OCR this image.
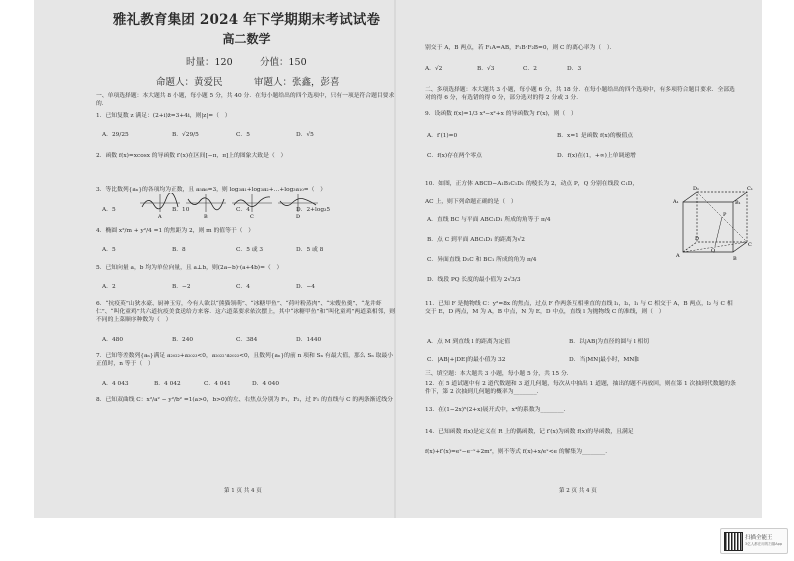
雅礼教育集团 2024 年下学期期末考试试卷
高二数学
时量：120	分值：150
命题人：黄爱民	审题人：张鑫，彭喜
一、单项选择题：本大题共 8 小题，每小题 5 分，共 40 分．在每小题给出的四个选项中，只有一项是符合题目要求的．
1．已知复数 z 满足：(2+i)z̄=3+4i，则|z|=（　）
A．29/25	B．√29/5	C．5	D．√5
2．函数 f(x)=xcosx 的导函数 f′(x)在区间[−π，π]上的图象大致是（　）
3．等比数列{aₙ}的各项均为正数，且 a₅a₆=3，则 log₃a₁+log₃a₂+…+log₃a₁₀=（　）
A．5	B．10	C．4	D．2+log₃5
4．椭圆 x²/m + y²/4 =1 的焦距为 2，则 m 的值等于（　）
A．5	B．8	C．5 或 3	D．5 或 8
5．已知向量 a，b 均为单位向量，且 a⊥b，则(2a−b)·(a+4b)=（　）
A．2	B．−2	C．4	D．−4
6．“抗疫英”山狄水豪、厨神玉穷，今有人欲以“熊猫领萌”、“冰糖甲鱼”、“荷叶粉蒸肉”、“宋嫂鱼羹”、“龙井虾仁”、“叫化童鸡”共六道抗疫美食送给方来客．这六道菜要求依次摆上，其中“冰糖甲鱼”和“叫化童鸡”两道菜相邻，则不同的上菜顺序种数为（　）
A．480	B．240	C．384	D．1440
7．已知等差数列{aₙ}满足 a₂₀₂₂+a₂₀₂₃<0，a₂₀₂₂·a₂₀₂₃<0，且数列{aₙ}的前 n 项和 Sₙ 有最大值，那么 Sₙ 取最小正值时，n 等于（　）
A．4 043	B．4 042	C．4 041	D．4 040
8．已知双曲线 C：x²/a² − y²/b² =1(a>0，b>0)的左、右焦点分别为 F₁，F₂，过 F₁ 的直线与 C 的两条渐近线分
第 1 页 共 4 页
A	B	C	D
别交于 A，B 两点，若 F₁A=AB，F₁B·F₂B=0，则 C 的离心率为（　）．
A．√2	B．√3	C．2	D．3
二、多项选择题：本大题共 3 小题，每小题 6 分，共 18 分．在每小题给出的四个选项中，有多项符合题目要求．全部选对的得 6 分，有选错的得 0 分，部分选对的得 2 分或 3 分．
9．设函数 f(x)=1/3 x³−x²+x 的导函数为 f′(x)，则（　）
A．f′(1)=0	B．x=1 是函数 f(x)的极值点
C．f(x)存在两个零点	D．f(x)在(1，+∞)上单调递增
10．如图，正方体 ABCD−A₁B₁C₁D₁ 的棱长为 2，动点 P，Q 分别在线段 C₁D，
AC 上，则下列命题正确的是（　）
A．直线 BC 与平面 ABC₁D₁ 所成的角等于 π/4
B．点 C 到平面 ABC₁D₁ 的距离为√2
C．异面直线 D₁C 和 BC₁ 所成的角为 π/4
D．线段 PQ 长度的最小值为 2√3/3
D₁	C₁
A₁	B₁
D
C
A	B
P
Q
11．已知 F 是抛物线 C：y²=8x 的焦点，过点 F 作两条互相垂直的直线 l₁，l₂，l₁ 与 C 相交于 A，B 两点，l₂ 与 C 相交于 E，D 两点，M 为 A，B 中点，N 为 E，D 中点，直线 l 为抛物线 C 的准线，则（　）
A．点 M 到直线 l 的距离为定值	B．以|AB|为直径的圆与 l 相切
C．|AB|+|DE|的最小值为 32	D．当|MN|最小时，MN∥l
三、填空题：本大题共 3 小题，每小题 5 分，共 15 分．
12．在 5 道试题中有 2 道代数题和 3 道几何题，每次从中抽出 1 道题，抽出的题不再放回，则在第 1 次抽到代数题的条件下，第 2 次抽到几何题的概率为________．
13．在(1−2x)⁵(2+x)展开式中，x⁴的系数为________．
14．已知函数 f(x)是定义在 R 上的偶函数，记 f′(x)为函数 f(x)的导函数，且满足
f(x)+f′(x)=eˣ−e⁻ˣ+2m²，则不等式 f(x)+x/eˣ<e 的解集为________．
第 2 页 共 4 页
扫描全能王
3亿人都在用的扫描App
